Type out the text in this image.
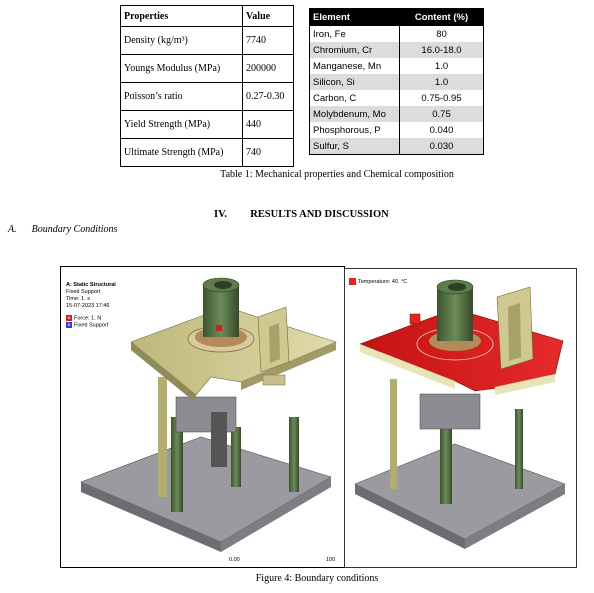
Properties	Value
Density (kg/m³)	7740
Youngs Modulus (MPa)	200000
Poisson’s ratio	0.27-0.30
Yield Strength (MPa)	440
Ultimate Strength (MPa)	740
Element	Content (%)
Iron, Fe	80
Chromium, Cr	16.0-18.0
Manganese, Mn	1.0
Silicon, Si	1.0
Carbon, C	0.75-0.95
Molybdenum, Mo	0.75
Phosphorous, P	0.040
Sulfur, S	0.030
Table 1: Mechanical properties and Chemical composition
IV. RESULTS AND DISCUSSION
A. Boundary Conditions
A: Static Structural
Fixed Support
Time: 1. s
15-07-2023 17:46
A Force: 1. N
B Fixed Support
0.00	100
Temperature: 40. °C
Figure 4: Boundary conditions
